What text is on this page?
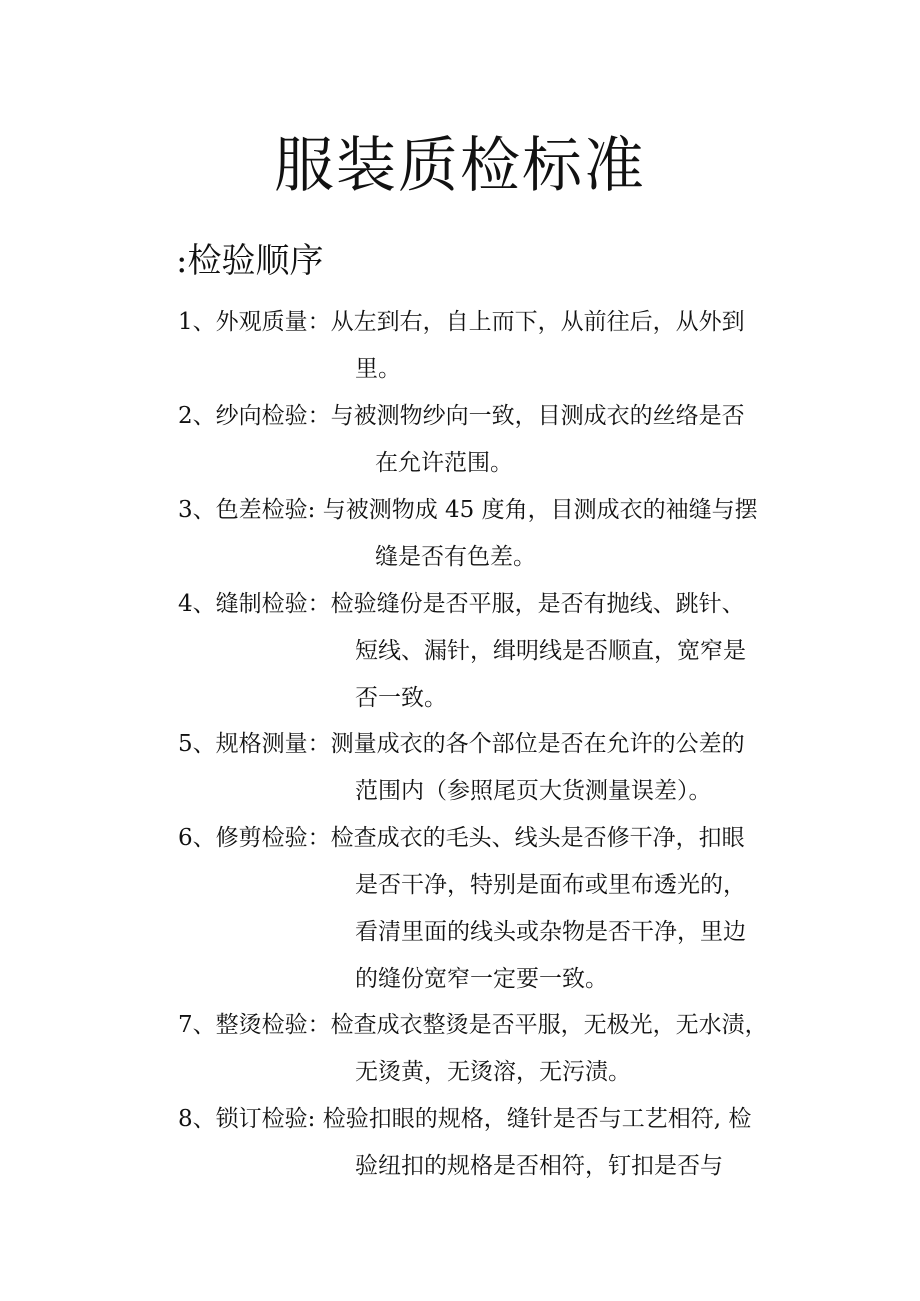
服装质检标准
:检验顺序
1、外观质量：从左到右，自上而下，从前往后，从外到
里。
2、纱向检验：与被测物纱向一致，目测成衣的丝络是否
在允许范围。
3、色差检验: 与被测物成 45 度角，目测成衣的袖缝与摆
缝是否有色差。
4、缝制检验：检验缝份是否平服，是否有抛线、跳针、
短线、漏针，缉明线是否顺直，宽窄是
否一致。
5、规格测量：测量成衣的各个部位是否在允许的公差的
范围内（参照尾页大货测量误差）。
6、修剪检验：检查成衣的毛头、线头是否修干净，扣眼
是否干净，特别是面布或里布透光的，
看清里面的线头或杂物是否干净，里边
的缝份宽窄一定要一致。
7、整烫检验：检查成衣整烫是否平服，无极光，无水渍，
无烫黄，无烫溶，无污渍。
8、锁订检验: 检验扣眼的规格，缝针是否与工艺相符, 检
验纽扣的规格是否相符，钉扣是否与
